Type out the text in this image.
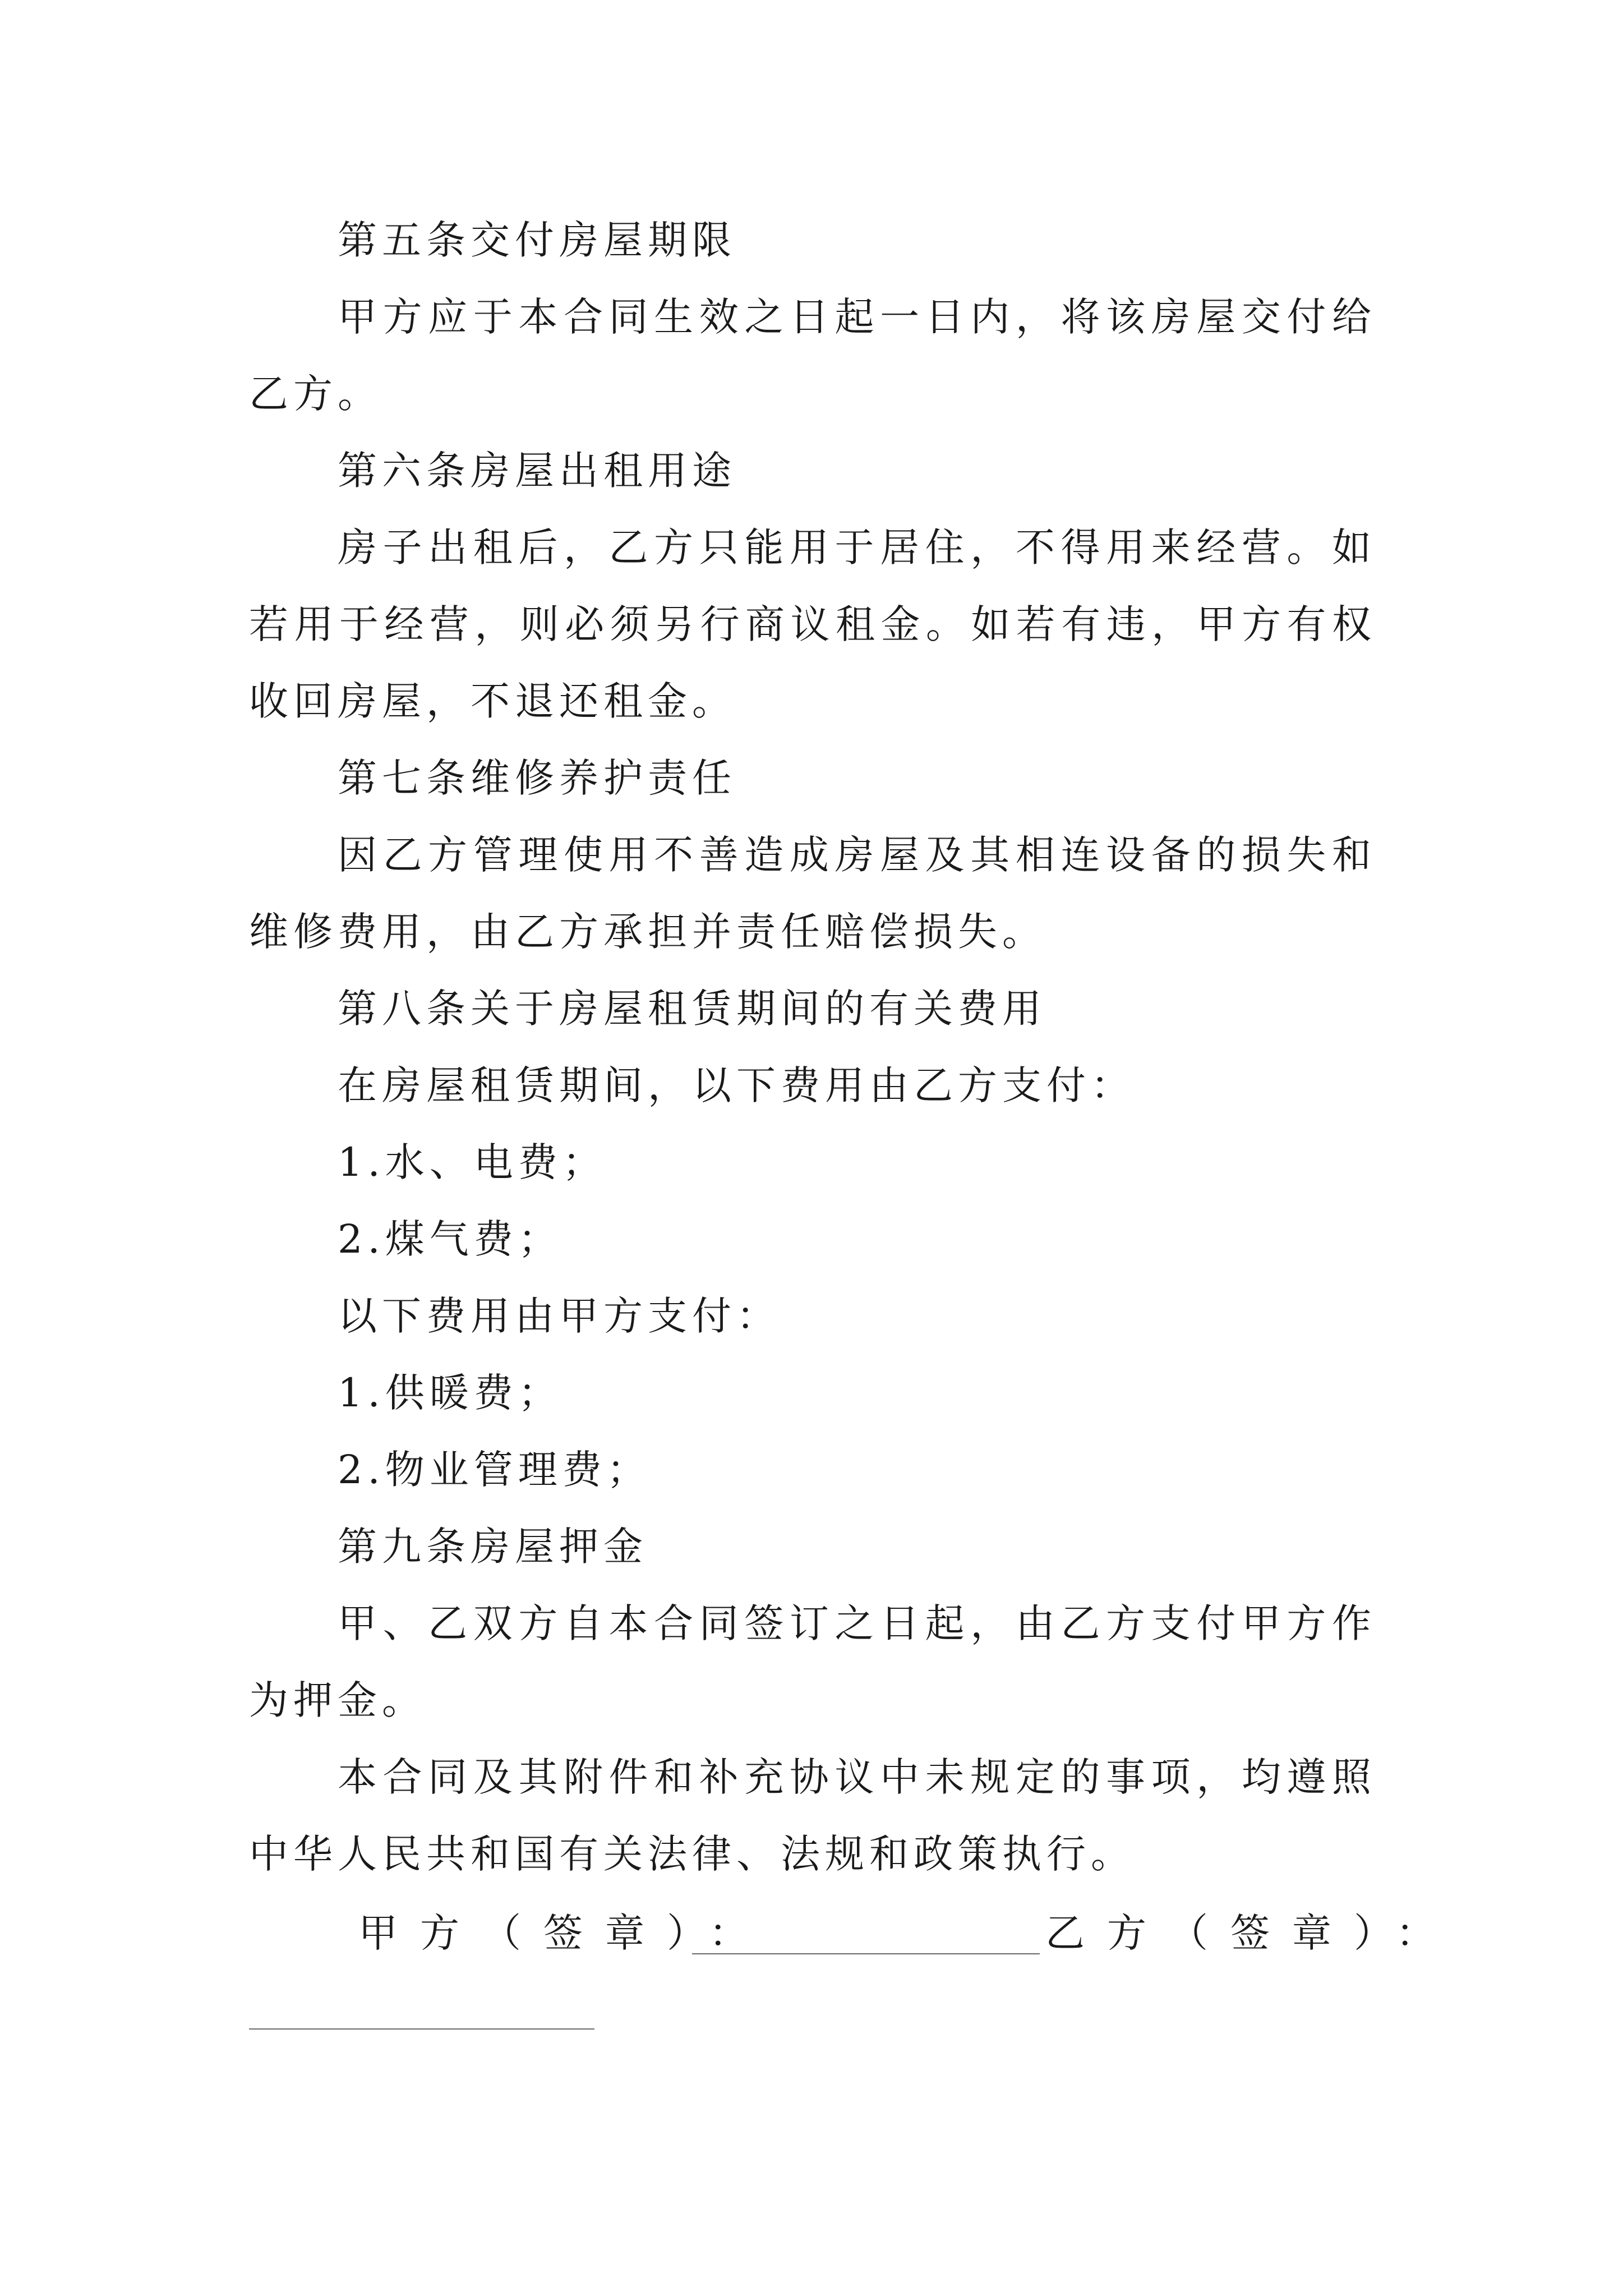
第五条交付房屋期限

甲方应于本合同生效之日起一日内，将该房屋交付给乙方。

第六条房屋出租用途

房子出租后，乙方只能用于居住，不得用来经营。如若用于经营，则必须另行商议租金。如若有违，甲方有权收回房屋，不退还租金。

第七条维修养护责任

因乙方管理使用不善造成房屋及其相连设备的损失和维修费用，由乙方承担并责任赔偿损失。

第八条关于房屋租赁期间的有关费用

在房屋租赁期间，以下费用由乙方支付：

1.水、电费；

2.煤气费；

以下费用由甲方支付：

1.供暖费；

2.物业管理费；

第九条房屋押金

甲、乙双方自本合同签订之日起，由乙方支付甲方作为押金。

本合同及其附件和补充协议中未规定的事项，均遵照中华人民共和国有关法律、法规和政策执行。

甲方（签章）：	乙方（签章）：
